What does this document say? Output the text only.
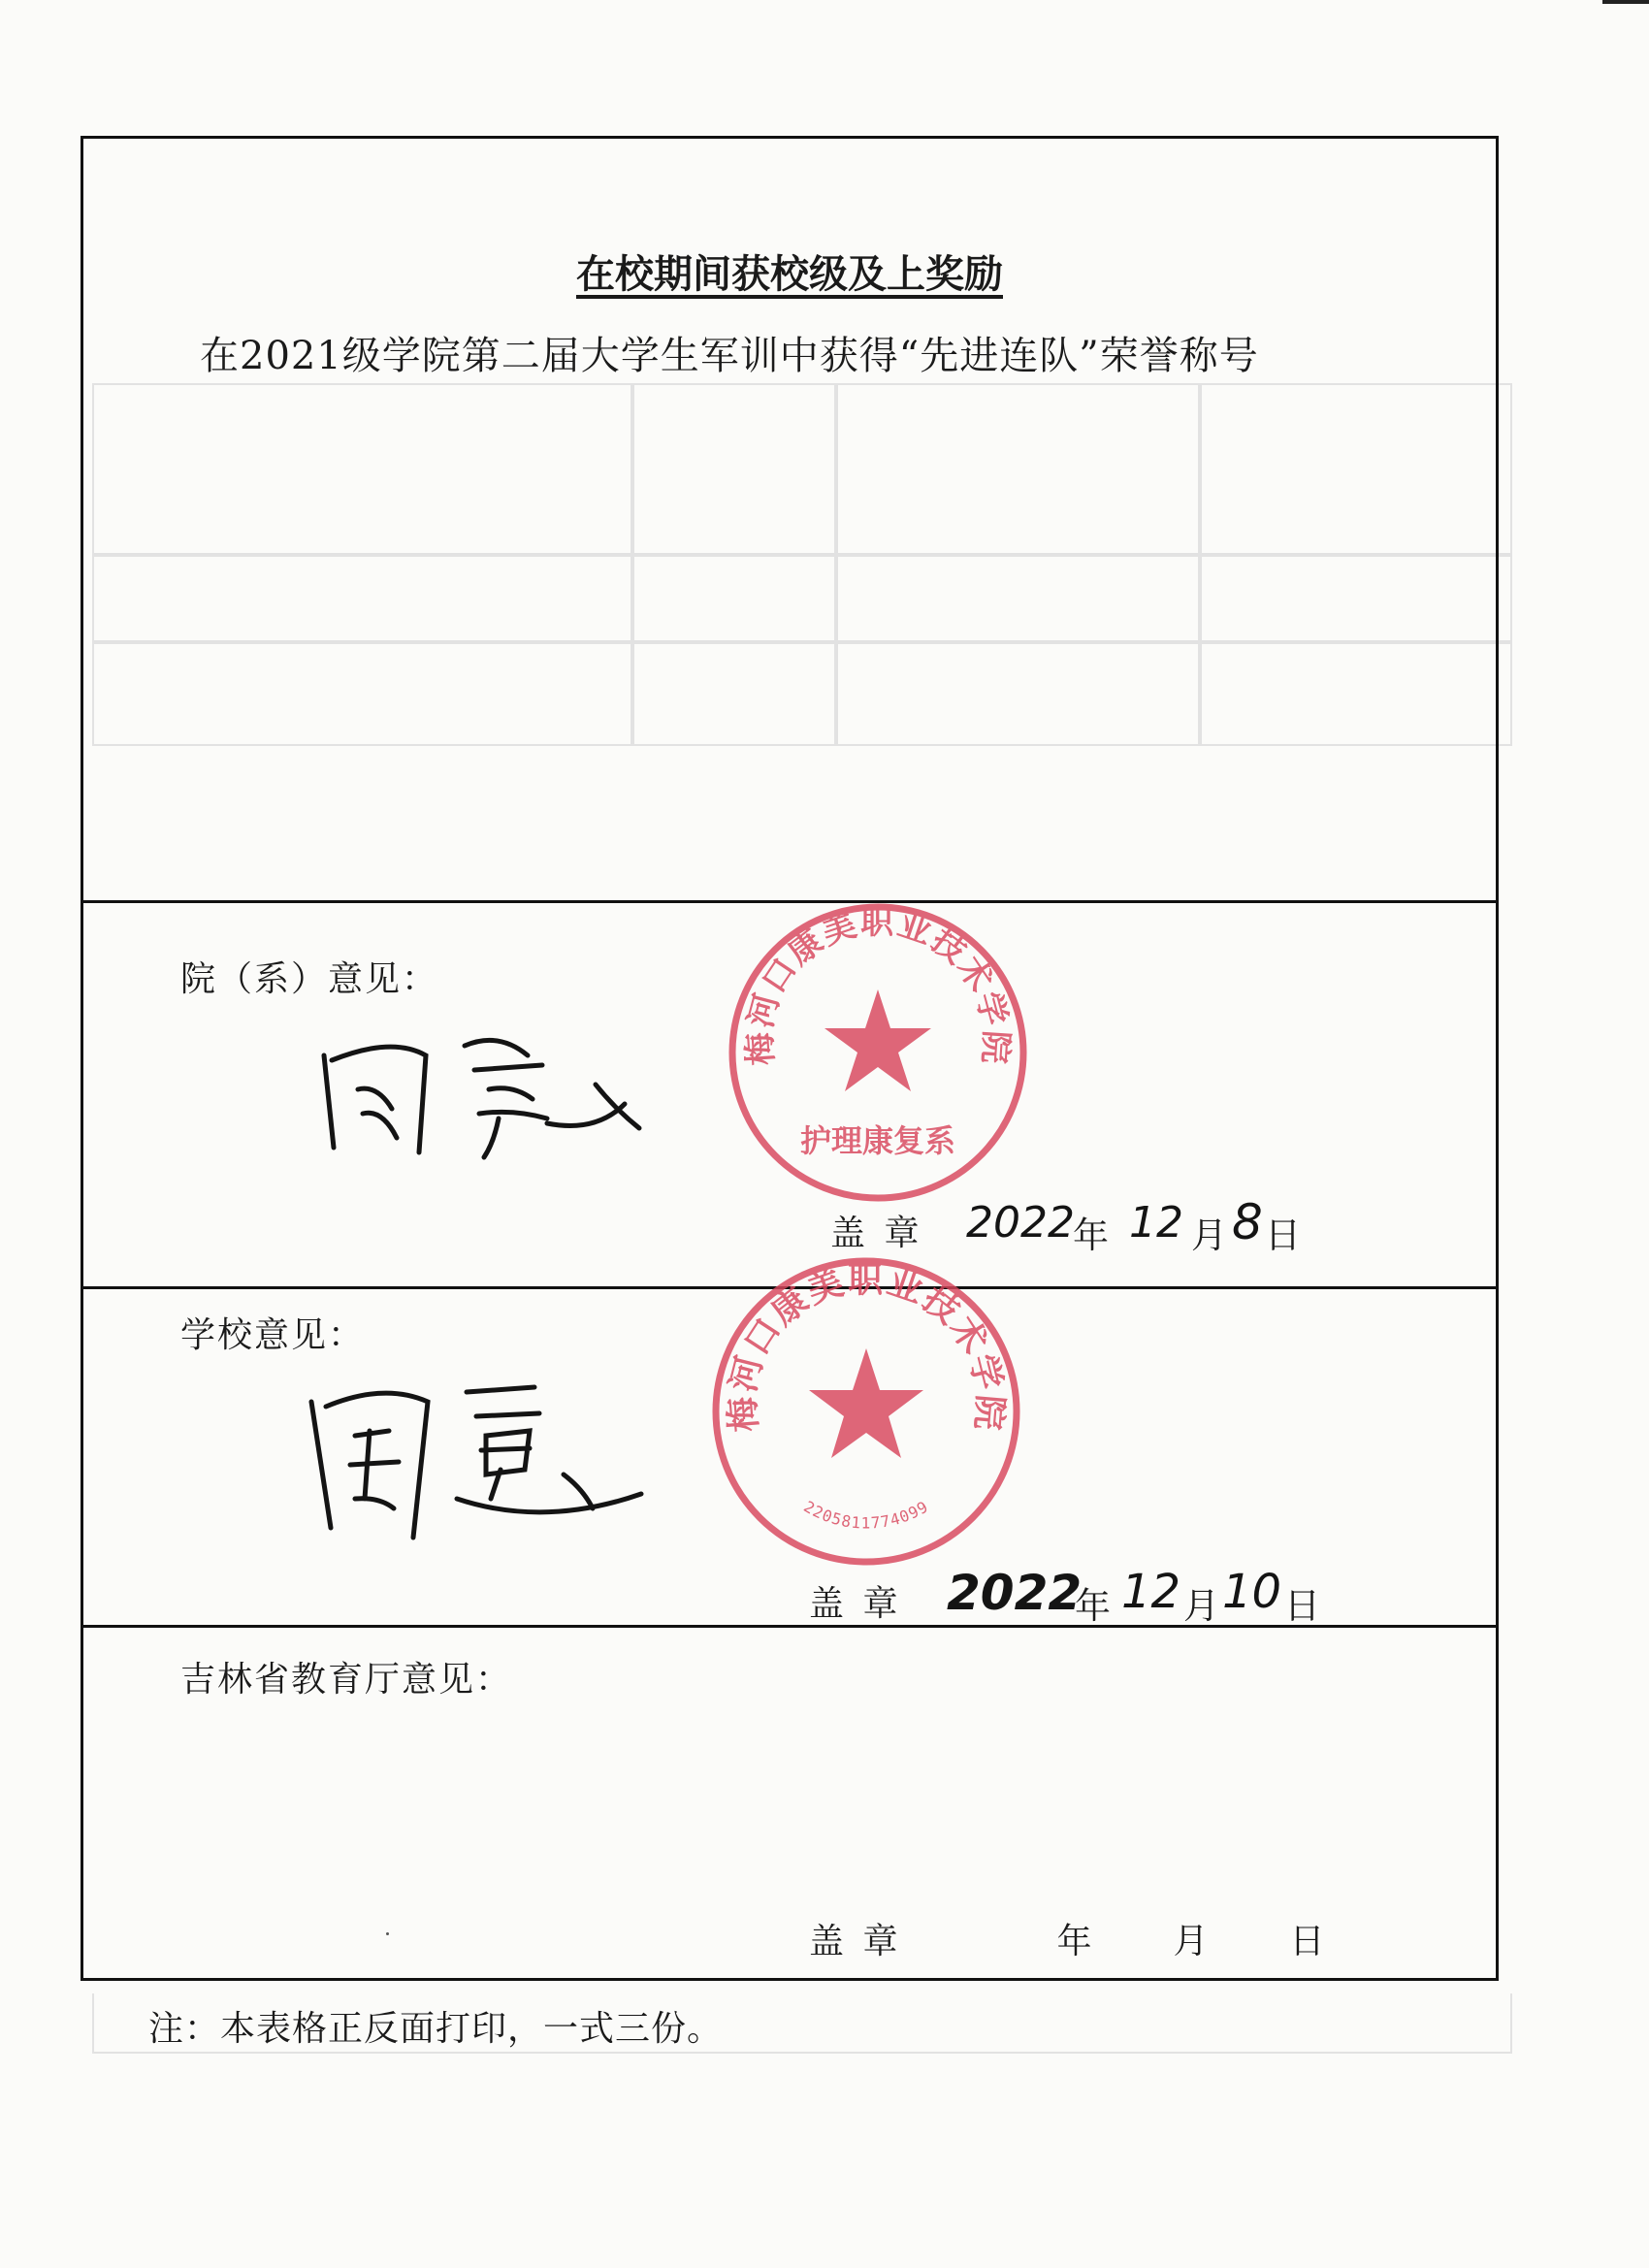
在校期间获校级及上奖励
在2021级学院第二届大学生军训中获得“先进连队”荣誉称号
院（系）意见：
盖 章 2022
年 12 月 8 日
学校意见：
盖 章 2022
年 12 月 10 日
吉林省教育厅意见：
盖 章　　　　年　　月　　日
梅河口康美职业技术学院
护理康复系
梅河口康美职业技术学院
2205811774099
注：本表格正反面打印，一式三份。
